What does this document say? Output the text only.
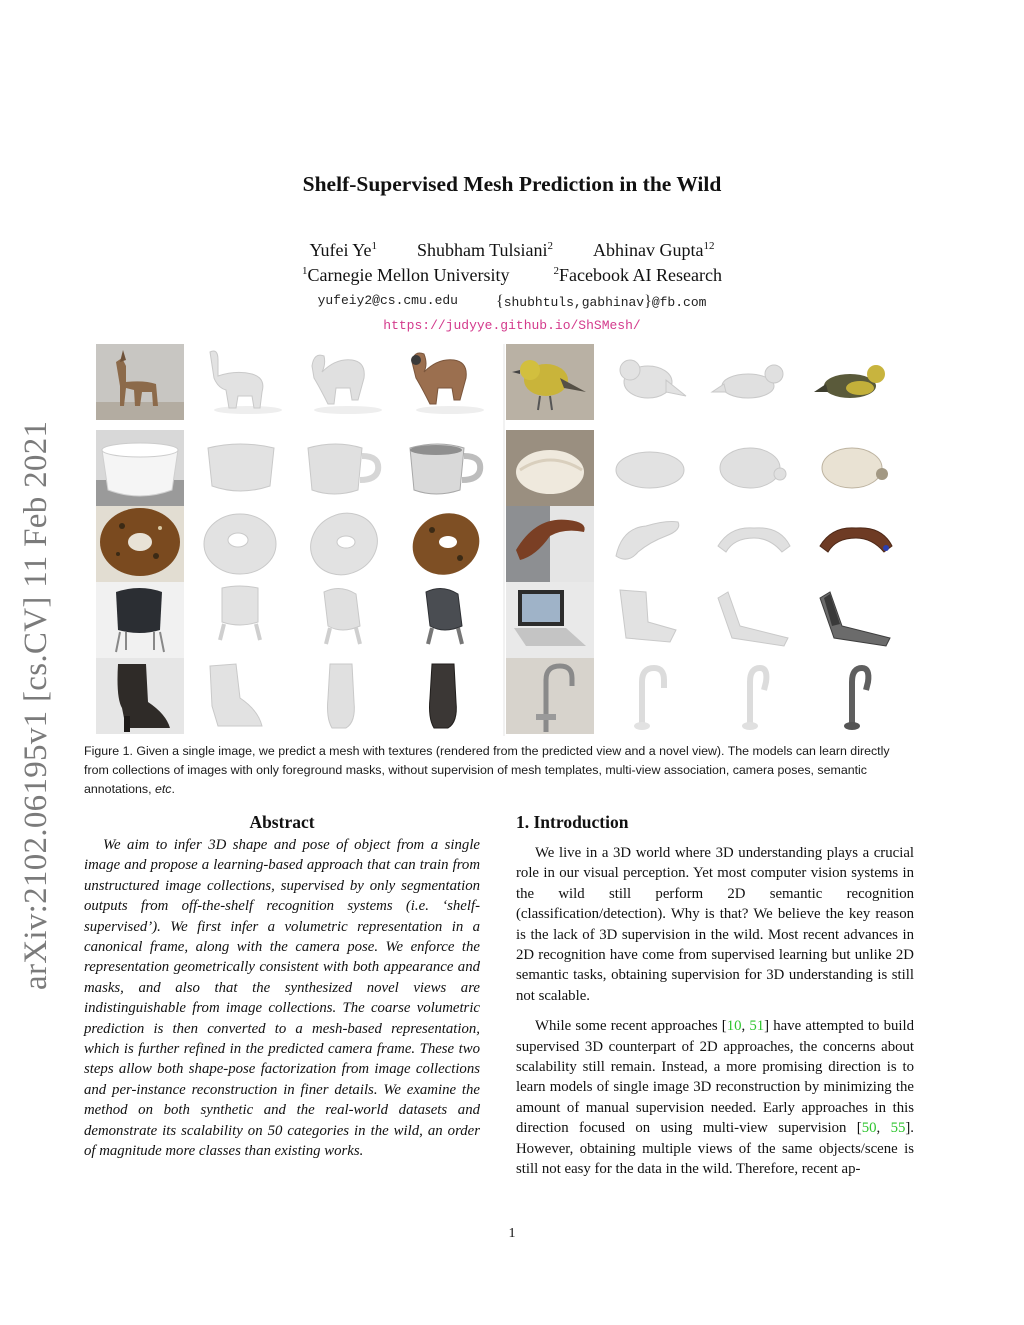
arXiv:2102.06195v1 [cs.CV] 11 Feb 2021
Shelf-Supervised Mesh Prediction in the Wild
Yufei Ye$^1$ Shubham Tulsiani$^2$ Abhinav Gupta$^{12}$
$^1$Carnegie Mellon University	$^2$Facebook AI Research
yufeiy2@cs.cmu.edu {shubhtuls,gabhinav}@fb.com
https://judyye.github.io/ShSMesh/
Figure 1. Given a single image, we predict a mesh with textures (rendered from the predicted view and a novel view). The models can learn directly from collections of images with only foreground masks, without supervision of mesh templates, multi-view association, camera poses, semantic annotations, etc.
Abstract

We aim to infer 3D shape and pose of object from a single image and propose a learning-based approach that can train from unstructured image collections, supervised by only segmentation outputs from off-the-shelf recognition systems (i.e. ‘shelf-supervised’). We first infer a volumetric representation in a canonical frame, along with the camera pose. We enforce the representation geometrically consistent with both appearance and masks, and also that the synthesized novel views are indistinguishable from image collections. The coarse volumetric prediction is then converted to a mesh-based representation, which is further refined in the predicted camera frame. These two steps allow both shape-pose factorization from image collections and per-instance reconstruction in finer details. We examine the method on both synthetic and the real-world datasets and demonstrate its scalability on 50 categories in the wild, an order of magnitude more classes than existing works.

1. Introduction

We live in a 3D world where 3D understanding plays a crucial role in our visual perception. Yet most computer vision systems in the wild still perform 2D semantic recognition (classification/detection). Why is that? We believe the key reason is the lack of 3D supervision in the wild. Most recent advances in 2D recognition have come from supervised learning but unlike 2D semantic tasks, obtaining supervision for 3D understanding is still not scalable.

While some recent approaches [10, 51] have attempted to build supervised 3D counterpart of 2D approaches, the concerns about scalability still remain. Instead, a more promising direction is to learn models of single image 3D reconstruction by minimizing the amount of manual supervision needed. Early approaches in this direction focused on using multi-view supervision [50, 55]. However, obtaining multiple views of the same objects/scene is still not easy for the data in the wild. Therefore, recent ap-

1
